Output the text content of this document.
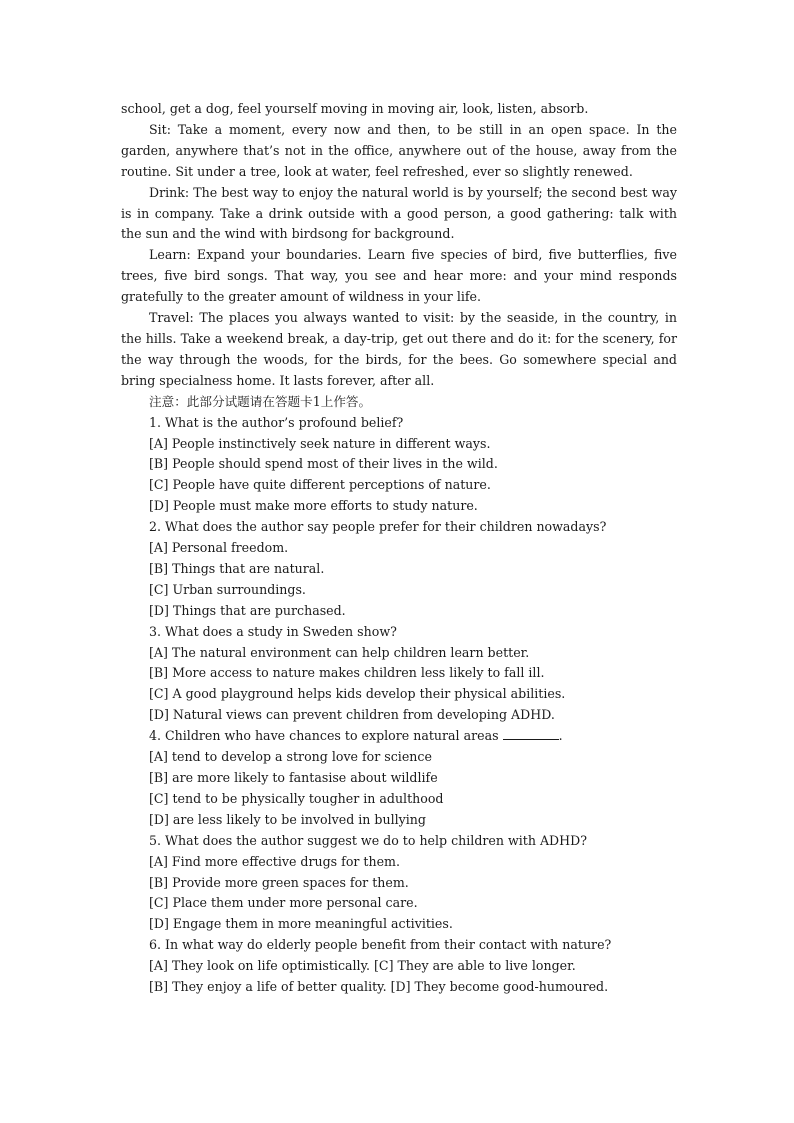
school, get a dog, feel yourself moving in moving air, look, listen, absorb.

Sit: Take a moment, every now and then, to be still in an open space. In the garden, anywhere that’s not in the office, anywhere out of the house, away from the routine. Sit under a tree, look at water, feel refreshed, ever so slightly renewed.

Drink: The best way to enjoy the natural world is by yourself; the second best way is in company. Take a drink outside with a good person, a good gathering: talk with the sun and the wind with birdsong for background.

Learn: Expand your boundaries. Learn five species of bird, five butterflies, five trees, five bird songs. That way, you see and hear more: and your mind responds gratefully to the greater amount of wildness in your life.

Travel: The places you always wanted to visit: by the seaside, in the country, in the hills. Take a weekend break, a day-trip, get out there and do it: for the scenery, for the way through the woods, for the birds, for the bees. Go somewhere special and bring specialness home. It lasts forever, after all.

注意：此部分试题请在答题卡1上作答。

1. What is the author’s profound belief?

[A] People instinctively seek nature in different ways.

[B] People should spend most of their lives in the wild.

[C] People have quite different perceptions of nature.

[D] People must make more efforts to study nature.

2. What does the author say people prefer for their children nowadays?

[A] Personal freedom.

[B] Things that are natural.

[C] Urban surroundings.

[D] Things that are purchased.

3. What does a study in Sweden show?

[A] The natural environment can help children learn better.

[B] More access to nature makes children less likely to fall ill.

[C] A good playground helps kids develop their physical abilities.

[D] Natural views can prevent children from developing ADHD.

4. Children who have chances to explore natural areas	.

[A] tend to develop a strong love for science

[B] are more likely to fantasise about wildlife

[C] tend to be physically tougher in adulthood

[D] are less likely to be involved in bullying

5. What does the author suggest we do to help children with ADHD?

[A] Find more effective drugs for them.

[B] Provide more green spaces for them.

[C] Place them under more personal care.

[D] Engage them in more meaningful activities.

6. In what way do elderly people benefit from their contact with nature?

[A] They look on life optimistically. [C] They are able to live longer.

[B] They enjoy a life of better quality. [D] They become good-humoured.
